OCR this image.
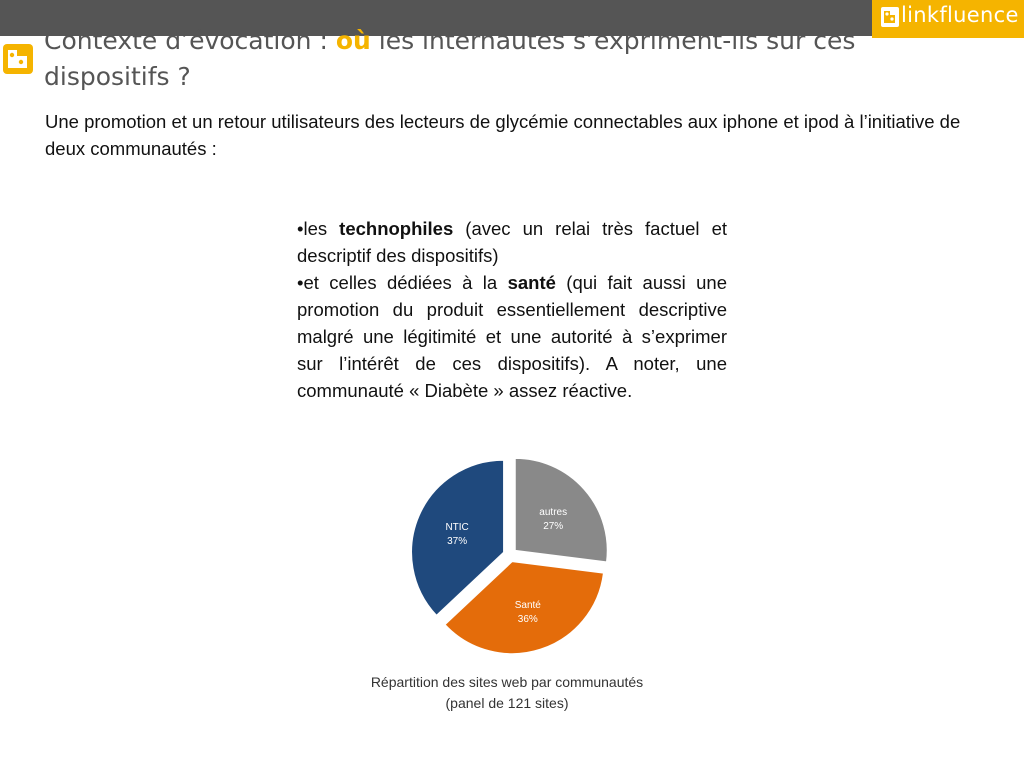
linkfluence
Contexte d’évocation : où les internautes s’expriment-ils sur ces dispositifs ?

Une promotion et un retour utilisateurs des lecteurs de glycémie connectables aux iphone et ipod à l’initiative de deux communautés :

•les technophiles (avec un relai très factuel et descriptif des dispositifs)

•et celles dédiées à la santé (qui fait aussi une promotion du produit essentiellement descriptive malgré une légitimité et une autorité à s’exprimer sur l’intérêt de ces dispositifs). A noter, une communauté « Diabète » assez réactive.

autres
27%
Santé
36%
NTIC
37%

Répartition des sites web par communautés
(panel de 121 sites)
